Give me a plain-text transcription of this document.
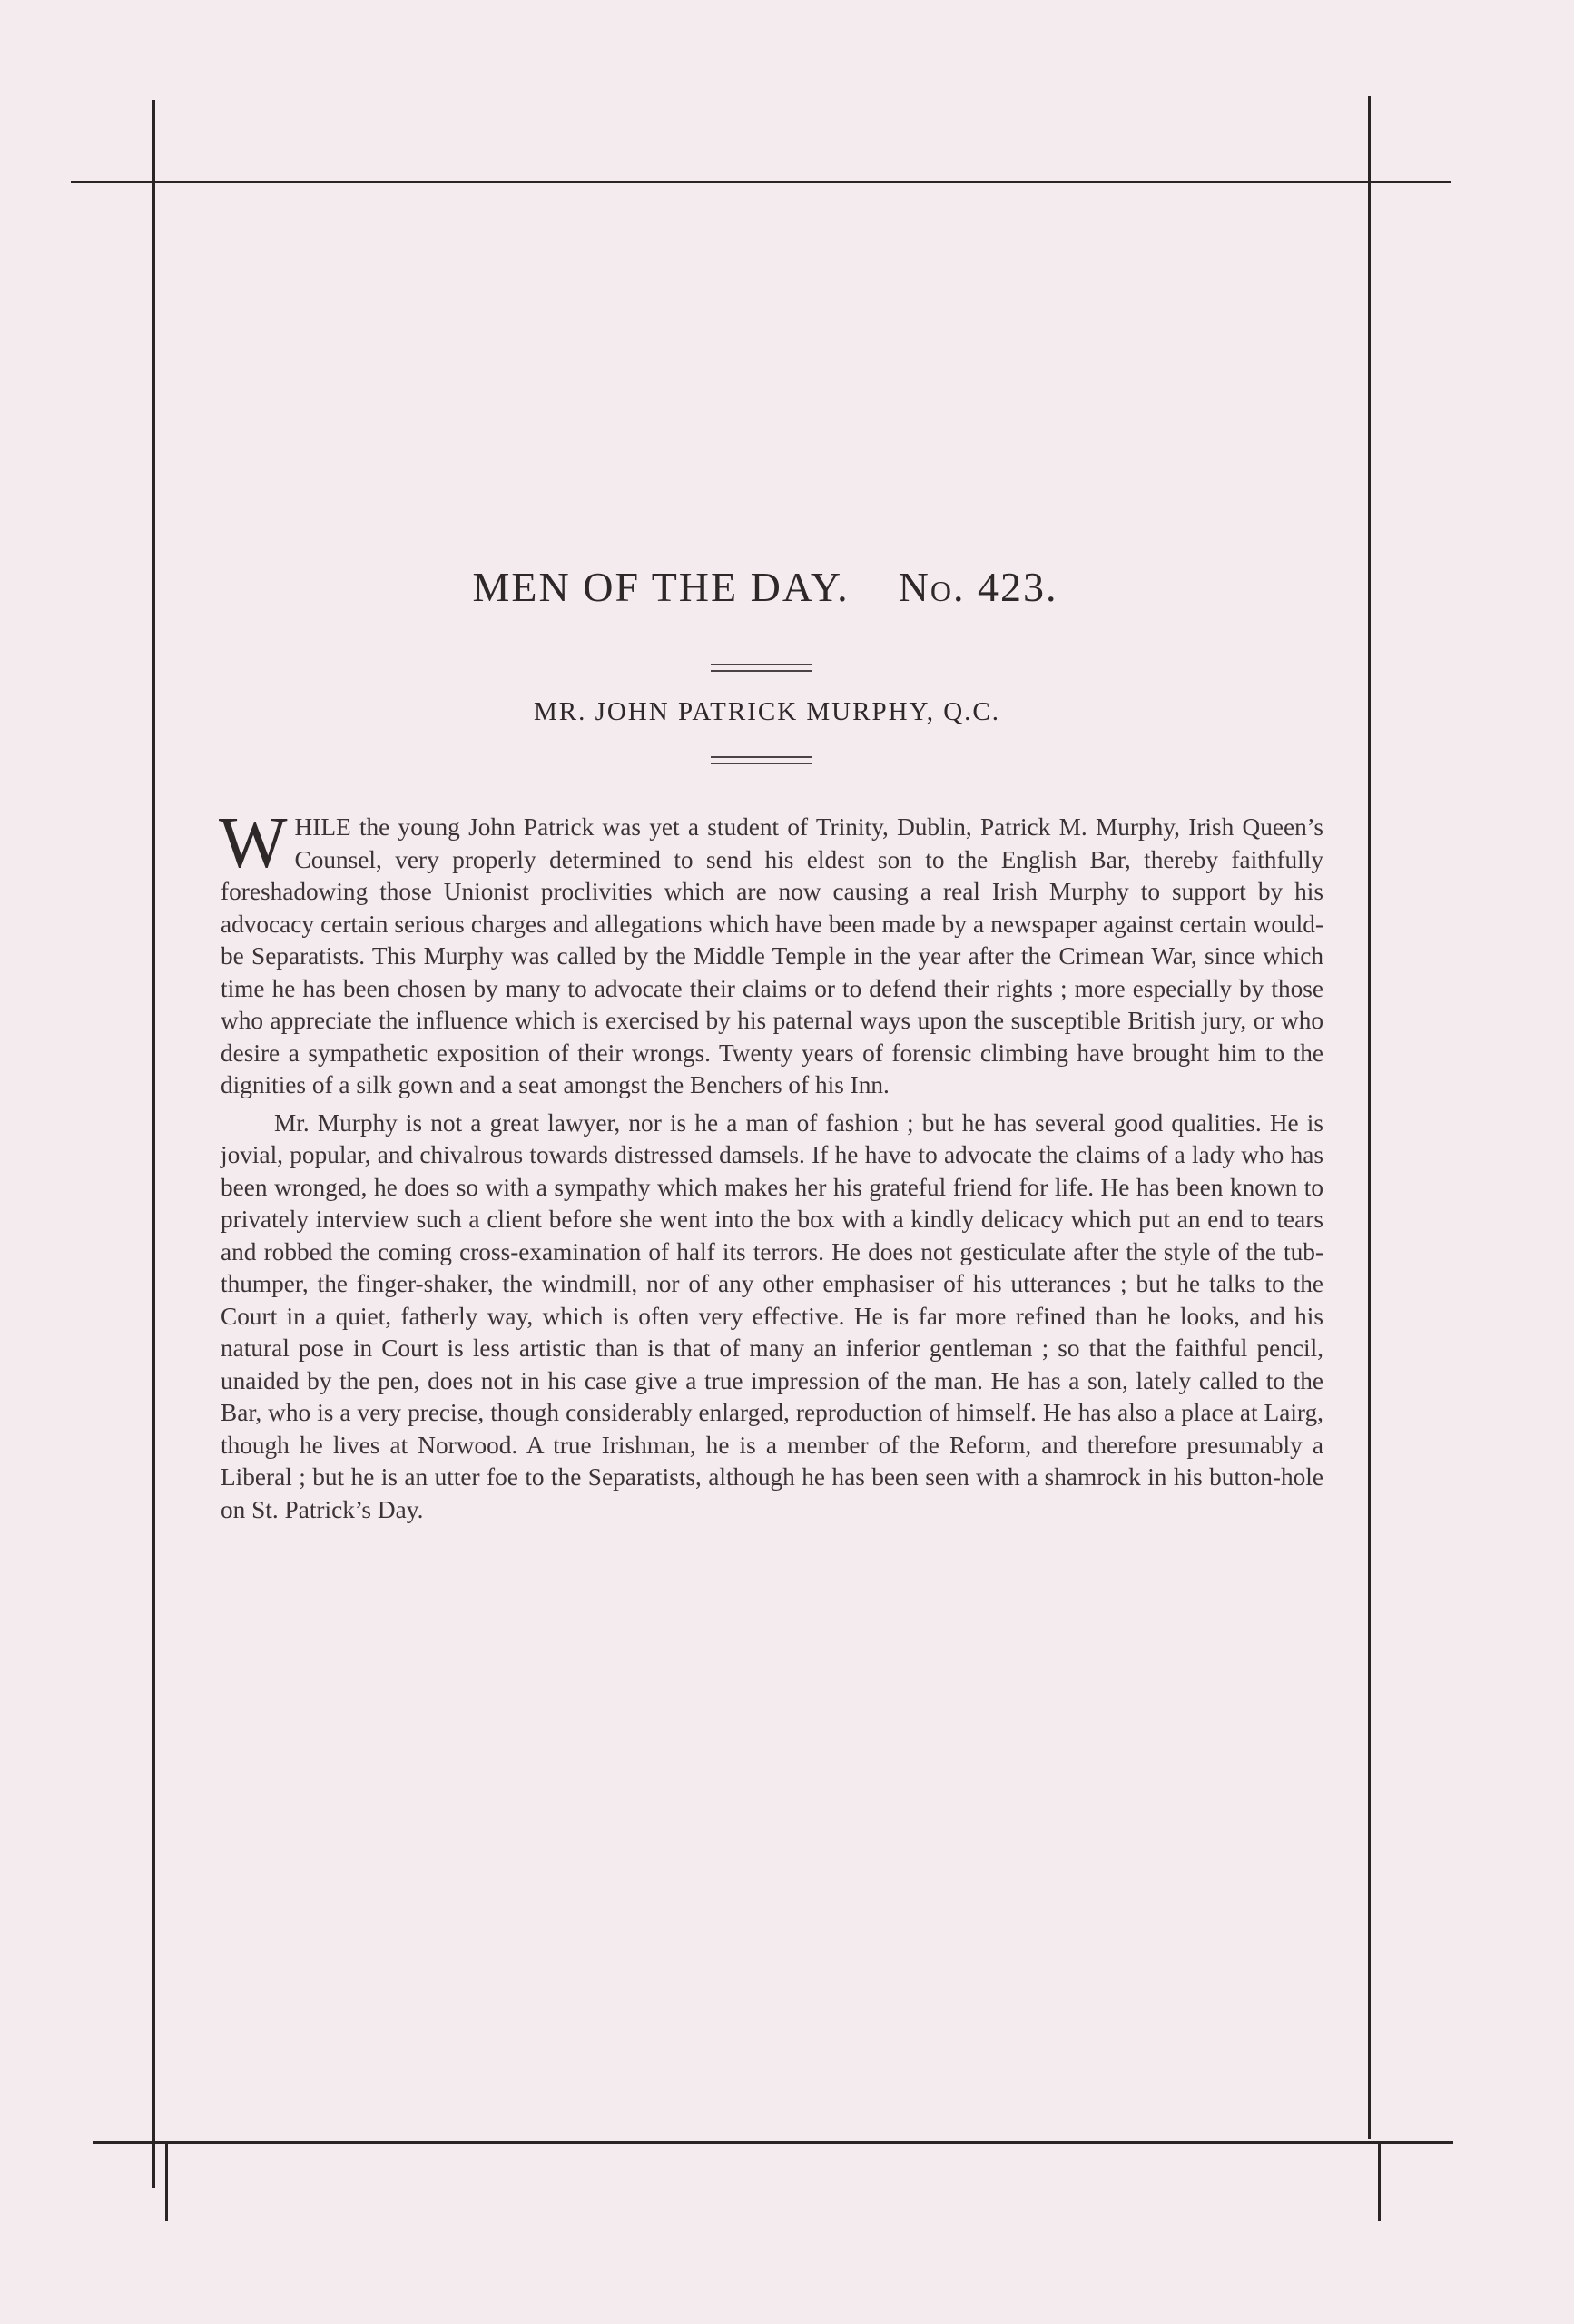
MEN OF THE DAY. No. 423.
MR. JOHN PATRICK MURPHY, Q.C.

WHILE the young John Patrick was yet a student of Trinity, Dublin, Patrick M. Murphy, Irish Queen’s Counsel, very properly determined to send his eldest son to the English Bar, thereby faithfully foreshadowing those Unionist proclivities which are now causing a real Irish Murphy to support by his advocacy certain serious charges and allegations which have been made by a newspaper against certain would-be Separatists. This Murphy was called by the Middle Temple in the year after the Crimean War, since which time he has been chosen by many to advocate their claims or to defend their rights ; more especially by those who appreciate the influence which is exercised by his paternal ways upon the susceptible British jury, or who desire a sympathetic exposition of their wrongs. Twenty years of forensic climbing have brought him to the dignities of a silk gown and a seat amongst the Benchers of his Inn.

Mr. Murphy is not a great lawyer, nor is he a man of fashion ; but he has several good qualities. He is jovial, popular, and chivalrous towards distressed damsels. If he have to advocate the claims of a lady who has been wronged, he does so with a sympathy which makes her his grateful friend for life. He has been known to privately interview such a client before she went into the box with a kindly delicacy which put an end to tears and robbed the coming cross-examination of half its terrors. He does not gesticulate after the style of the tub-thumper, the finger-shaker, the windmill, nor of any other emphasiser of his utterances ; but he talks to the Court in a quiet, fatherly way, which is often very effective. He is far more refined than he looks, and his natural pose in Court is less artistic than is that of many an inferior gentleman ; so that the faithful pencil, unaided by the pen, does not in his case give a true impression of the man. He has a son, lately called to the Bar, who is a very precise, though considerably enlarged, reproduction of himself. He has also a place at Lairg, though he lives at Norwood. A true Irishman, he is a member of the Reform, and therefore presumably a Liberal ; but he is an utter foe to the Separatists, although he has been seen with a shamrock in his button-hole on St. Patrick’s Day.
